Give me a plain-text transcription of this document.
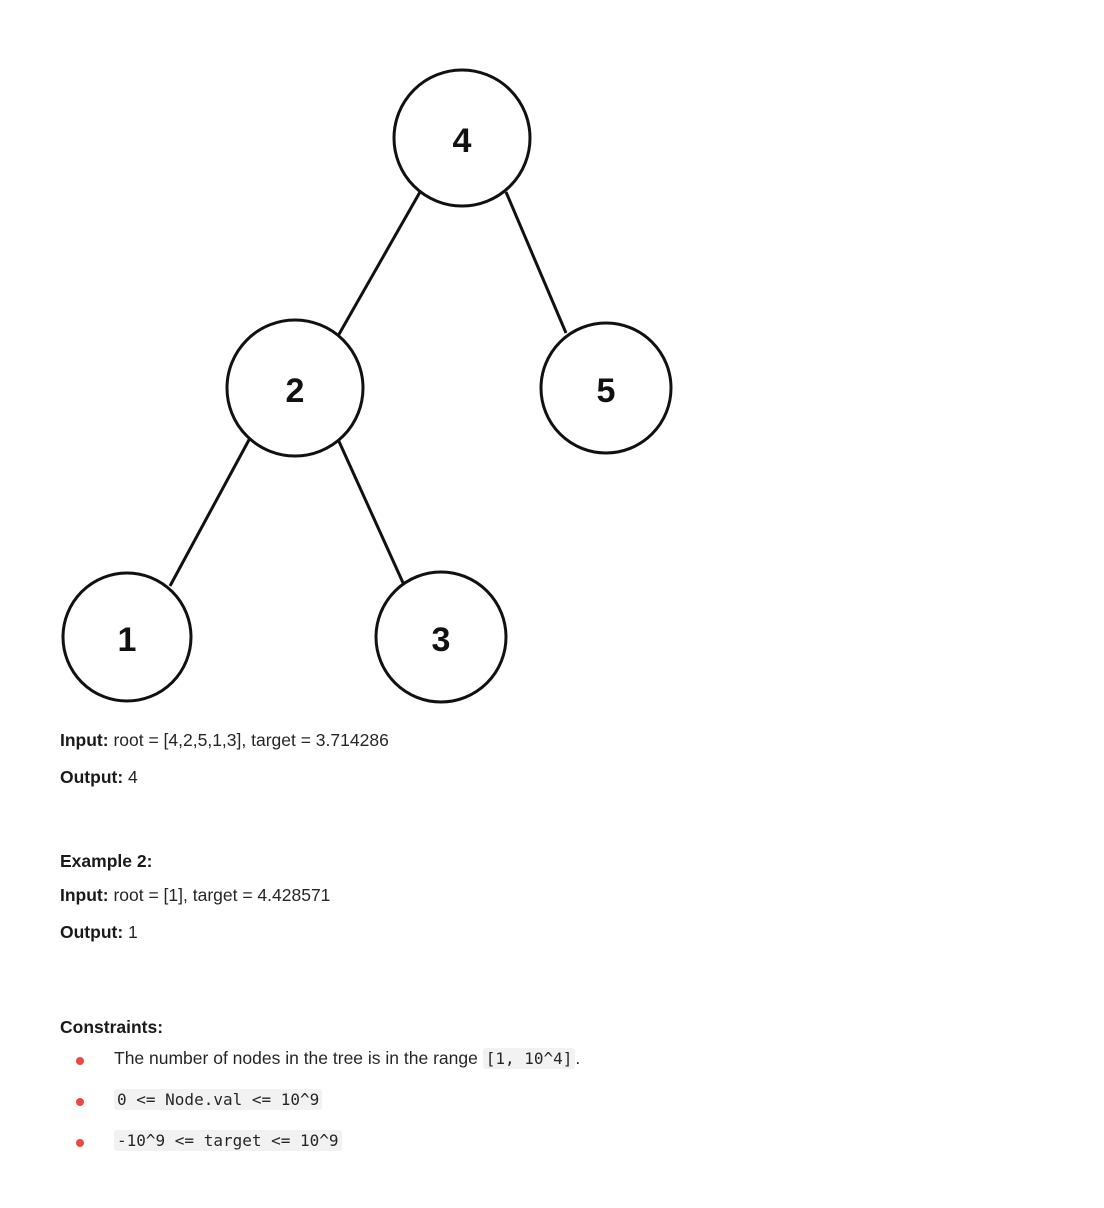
4
2	5
1	3

Input: root = [4,2,5,1,3], target = 3.714286

Output: 4

Example 2:

Input: root = [1], target = 4.428571

Output: 1

Constraints:

The number of nodes in the tree is in the range [1, 10^4] .
0 <= Node.val <= 10^9
-10^9 <= target <= 10^9
